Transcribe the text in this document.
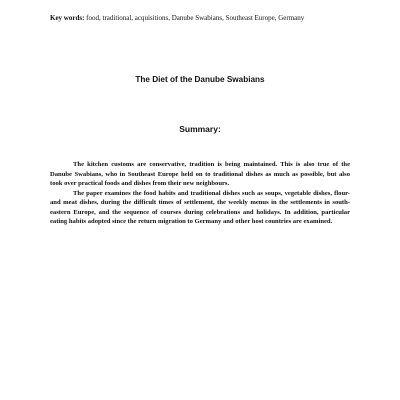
Key words: food, traditional, acquisitions, Danube Swabians, Southeast Europe, Germany
The Diet of the Danube Swabians
Summary:

The kitchen customs are conservative, tradition is being maintained. This is also true of the Danube Swabians, who in Southeast Europe held on to traditional dishes as much as possible, but also took over practical foods and dishes from their new neighbours.

The paper examines the food habits and traditional dishes such as soups, vegetable dishes, flour- and meat dishes, during the difficult times of settlement, the weekly menus in the settlements in south-eastern Europe, and the sequence of courses during celebrations and holidays. In addition, particular eating habits adopted since the return migration to Germany and other host countries are examined.
